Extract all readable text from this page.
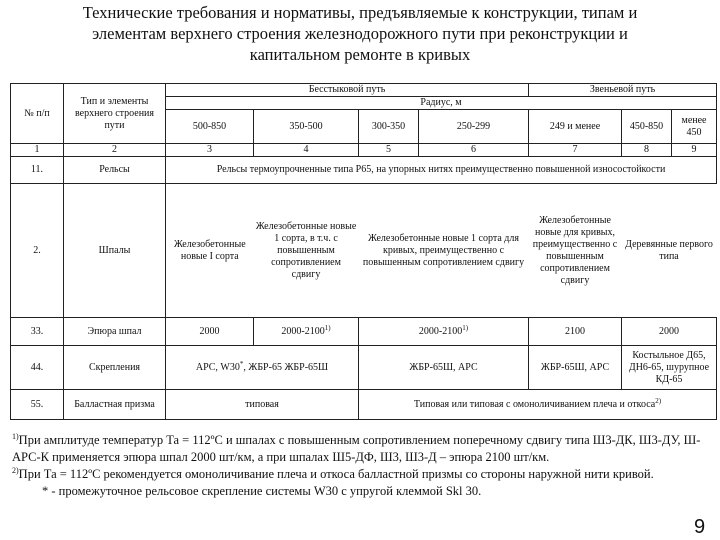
Технические требования и нормативы, предъявляемые к конструкции, типам и
элементам верхнего строения железнодорожного пути при реконструкции и
капитальном ремонте в кривых
№ п/п	Тип и элементы верхнего строения пути	Бесстыковой путь				Звеньевой путь		
		Радиус, м						
		500-850	350-500	300-350	250-299	249 и менее	450-850	менее 450
1	2	3	4	5	6	7	8	9
11.	Рельсы	Рельсы термоупрочненные типа Р65, на упорных нитях преимущественно повышенной износостойкости						
2.	Шпалы	Железобетонные новые I сорта	Железобетонные новые 1 сорта, в т.ч. с повышенным сопротивлением сдвигу	Железобетонные новые 1 сорта для кривых, преимущественно с повышенным сопротивлением сдвигу		Железобетонные новые для кривых, преимущественно с повышенным сопротивлением сдвигу	Деревянные первого типа	
33.	Эпюра шпал	2000	2000-2100$^{1)}$	2000-2100$^{1)}$		2100	2000	
44.	Скрепления	АРС, W30*, ЖБР-65 ЖБР-65Ш		ЖБР-65Ш, АРС		ЖБР-65Ш, АРС	Костыльное Д65, ДН6-65, шурупное КД-65	
55.	Балластная призма	типовая		Типовая или типовая с омоноличиванием плеча и откоса$^{2)}$

$^{1)}$При амплитуде температур Та = 112ºС и шпалах с повышенным сопротивлением поперечному сдвигу типа Ш3-ДК, Ш3-ДУ, Ш-АРС-К применяется эпюра шпал 2000 шт/км, а при шпалах Ш5-ДФ, Ш3, Ш3-Д – эпюра 2100 шт/км.

$^{2)}$При Та = 112ºС рекомендуется омоноличивание плеча и откоса балластной призмы со стороны наружной нити кривой.

* - промежуточное рельсовое скрепление системы W30 с упругой клеммой Skl 30.

9
